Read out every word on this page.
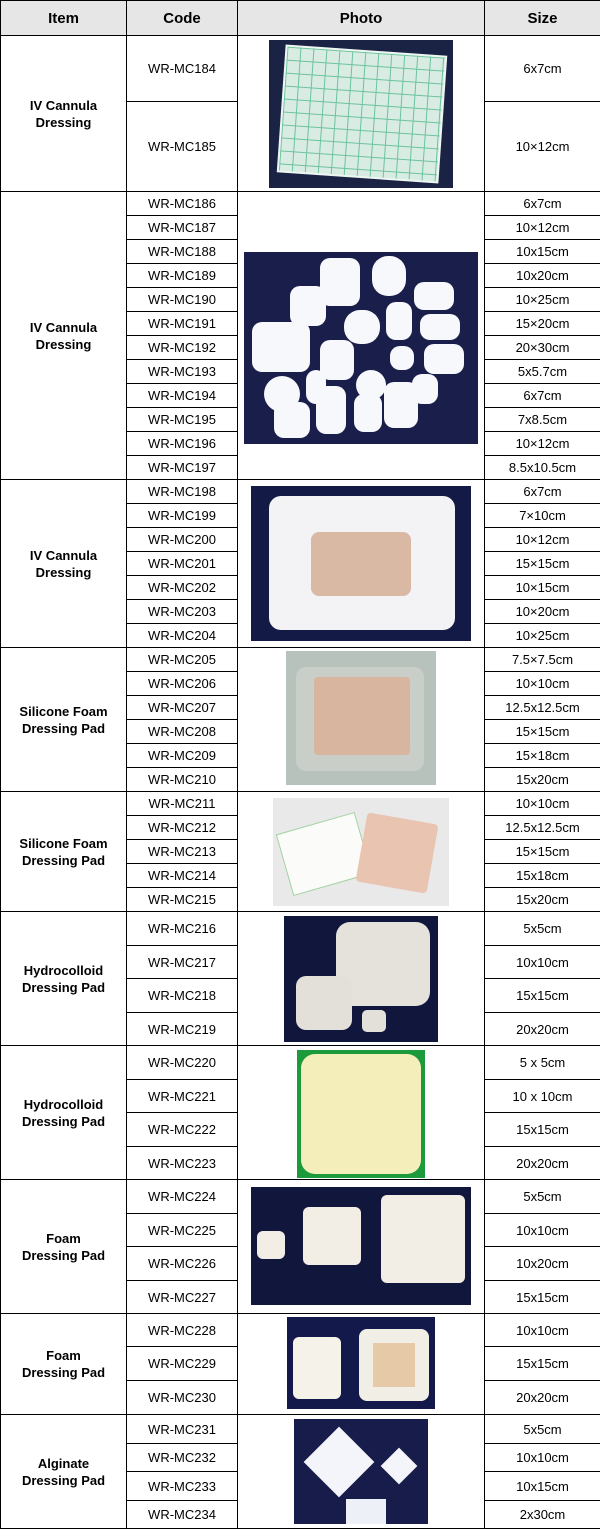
Item	Code	Photo	Size

IV Cannula
Dressing	WR-MC184		6x7cm
	WR-MC185		10×12cm

IV Cannula
Dressing	WR-MC186		6x7cm
	WR-MC187		10×12cm
	WR-MC188		10x15cm
	WR-MC189		10x20cm
	WR-MC190		10×25cm
	WR-MC191		15×20cm
	WR-MC192		20×30cm
	WR-MC193		5x5.7cm
	WR-MC194		6x7cm
	WR-MC195		7x8.5cm
	WR-MC196		10×12cm
	WR-MC197		8.5x10.5cm

IV Cannula
Dressing	WR-MC198		6x7cm
	WR-MC199		7×10cm
	WR-MC200		10×12cm
	WR-MC201		15×15cm
	WR-MC202		10×15cm
	WR-MC203		10×20cm
	WR-MC204		10×25cm

Silicone Foam
Dressing Pad	WR-MC205		7.5×7.5cm
	WR-MC206		10×10cm
	WR-MC207		12.5x12.5cm
	WR-MC208		15×15cm
	WR-MC209		15×18cm
	WR-MC210		15x20cm

Silicone Foam
Dressing Pad	WR-MC211		10×10cm
	WR-MC212		12.5x12.5cm
	WR-MC213		15×15cm
	WR-MC214		15x18cm
	WR-MC215		15x20cm

Hydrocolloid
Dressing Pad	WR-MC216		5x5cm
	WR-MC217		10x10cm
	WR-MC218		15x15cm
	WR-MC219		20x20cm

Hydrocolloid
Dressing Pad	WR-MC220		5 x 5cm
	WR-MC221		10 x 10cm
	WR-MC222		15x15cm
	WR-MC223		20x20cm

Foam
Dressing Pad	WR-MC224		5x5cm
	WR-MC225		10x10cm
	WR-MC226		10x20cm
	WR-MC227		15x15cm

Foam
Dressing Pad	WR-MC228		10x10cm
	WR-MC229		15x15cm
	WR-MC230		20x20cm

Alginate
Dressing Pad	WR-MC231		5x5cm
	WR-MC232		10x10cm
	WR-MC233		10x15cm
	WR-MC234		2x30cm
